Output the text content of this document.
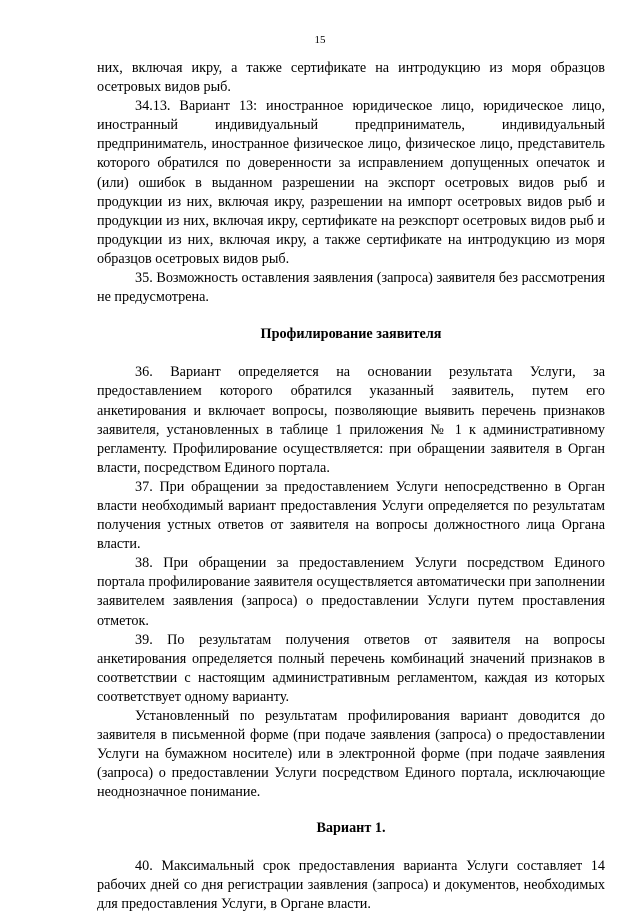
15

них, включая икру, а также сертификате на интродукцию из моря образцов осетровых видов рыб.

34.13. Вариант 13: иностранное юридическое лицо, юридическое лицо, иностранный индивидуальный предприниматель, индивидуальный предприниматель, иностранное физическое лицо, физическое лицо, представитель которого обратился по доверенности за исправлением допущенных опечаток и (или) ошибок в выданном разрешении на экспорт осетровых видов рыб и продукции из них, включая икру, разрешении на импорт осетровых видов рыб и продукции из них, включая икру, сертификате на реэкспорт осетровых видов рыб и продукции из них, включая икру, а также сертификате на интродукцию из моря образцов осетровых видов рыб.

35. Возможность оставления заявления (запроса) заявителя без рассмотрения не предусмотрена.

Профилирование заявителя

36. Вариант определяется на основании результата Услуги, за предоставлением которого обратился указанный заявитель, путем его анкетирования и включает вопросы, позволяющие выявить перечень признаков заявителя, установленных в таблице 1 приложения № 1 к административному регламенту. Профилирование осуществляется: при обращении заявителя в Орган власти, посредством Единого портала.

37. При обращении за предоставлением Услуги непосредственно в Орган власти необходимый вариант предоставления Услуги определяется по результатам получения устных ответов от заявителя на вопросы должностного лица Органа власти.

38. При обращении за предоставлением Услуги посредством Единого портала профилирование заявителя осуществляется автоматически при заполнении заявителем заявления (запроса) о предоставлении Услуги путем проставления отметок.

39. По результатам получения ответов от заявителя на вопросы анкетирования определяется полный перечень комбинаций значений признаков в соответствии с настоящим административным регламентом, каждая из которых соответствует одному варианту.

Установленный по результатам профилирования вариант доводится до заявителя в письменной форме (при подаче заявления (запроса) о предоставлении Услуги на бумажном носителе) или в электронной форме (при подаче заявления (запроса) о предоставлении Услуги посредством Единого портала, исключающие неоднозначное понимание.

Вариант 1.

40. Максимальный срок предоставления варианта Услуги составляет 14 рабочих дней со дня регистрации заявления (запроса) и документов, необходимых для предоставления Услуги, в Органе власти.
